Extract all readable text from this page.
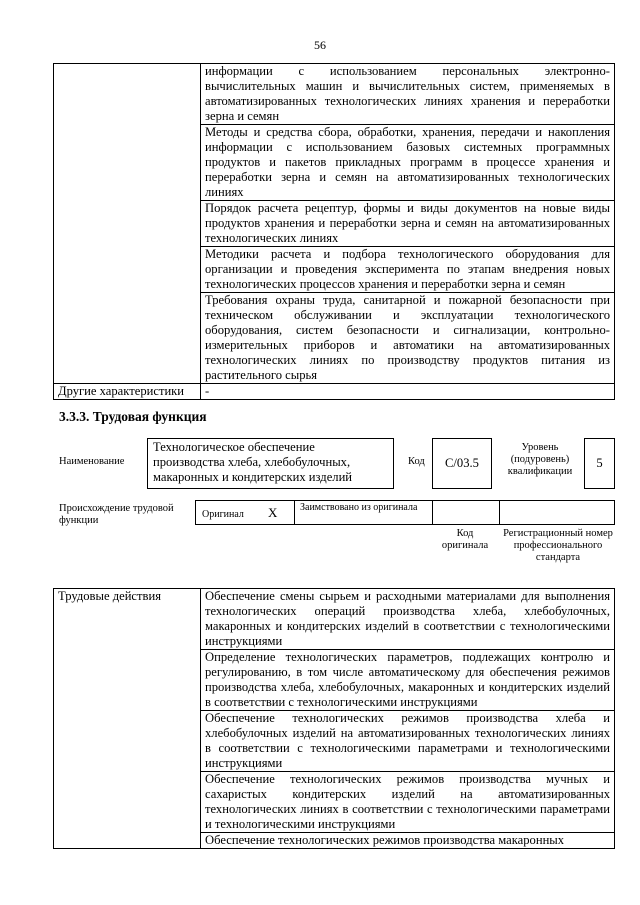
56
	информации с использованием персональных электронно-вычислительных машин и вычислительных систем, применяемых в автоматизированных технологических линиях хранения и переработки зерна и семян
	Методы и средства сбора, обработки, хранения, передачи и накопления информации с использованием базовых системных программных продуктов и пакетов прикладных программ в процессе хранения и переработки зерна и семян на автоматизированных технологических линиях
	Порядок расчета рецептур, формы и виды документов на новые виды продуктов хранения и переработки зерна и семян на автоматизированных технологических линиях
	Методики расчета и подбора технологического оборудования для организации и проведения эксперимента по этапам внедрения новых технологических процессов хранения и переработки зерна и семян
	Требования охраны труда, санитарной и пожарной безопасности при техническом обслуживании и эксплуатации технологического оборудования, систем безопасности и сигнализации, контрольно-измерительных приборов и автоматики на автоматизированных технологических линиях по производству продуктов питания из растительного сырья
Другие характеристики	-
3.3.3. Трудовая функция
Наименование
Технологическое обеспечение производства хлеба, хлебобулочных, макаронных и кондитерских изделий
Код	С/03.5
Уровень (подуровень) квалификации
5
Происхождение трудовой функции
Оригинал X Заимствовано из оригинала
Код оригинала
Регистрационный номер профессионального стандарта
Трудовые действия	Обеспечение смены сырьем и расходными материалами для выполнения технологических операций производства хлеба, хлебобулочных, макаронных и кондитерских изделий в соответствии с технологическими инструкциями
Определение технологических параметров, подлежащих контролю и регулированию, в том числе автоматическому для обеспечения режимов производства хлеба, хлебобулочных, макаронных и кондитерских изделий в соответствии с технологическими инструкциями
Обеспечение технологических режимов производства хлеба и хлебобулочных изделий на автоматизированных технологических линиях в соответствии с технологическими параметрами и технологическими инструкциями
Обеспечение технологических режимов производства мучных и сахаристых кондитерских изделий на автоматизированных технологических линиях в соответствии с технологическими параметрами и технологическими инструкциями
Обеспечение технологических режимов производства макаронных
